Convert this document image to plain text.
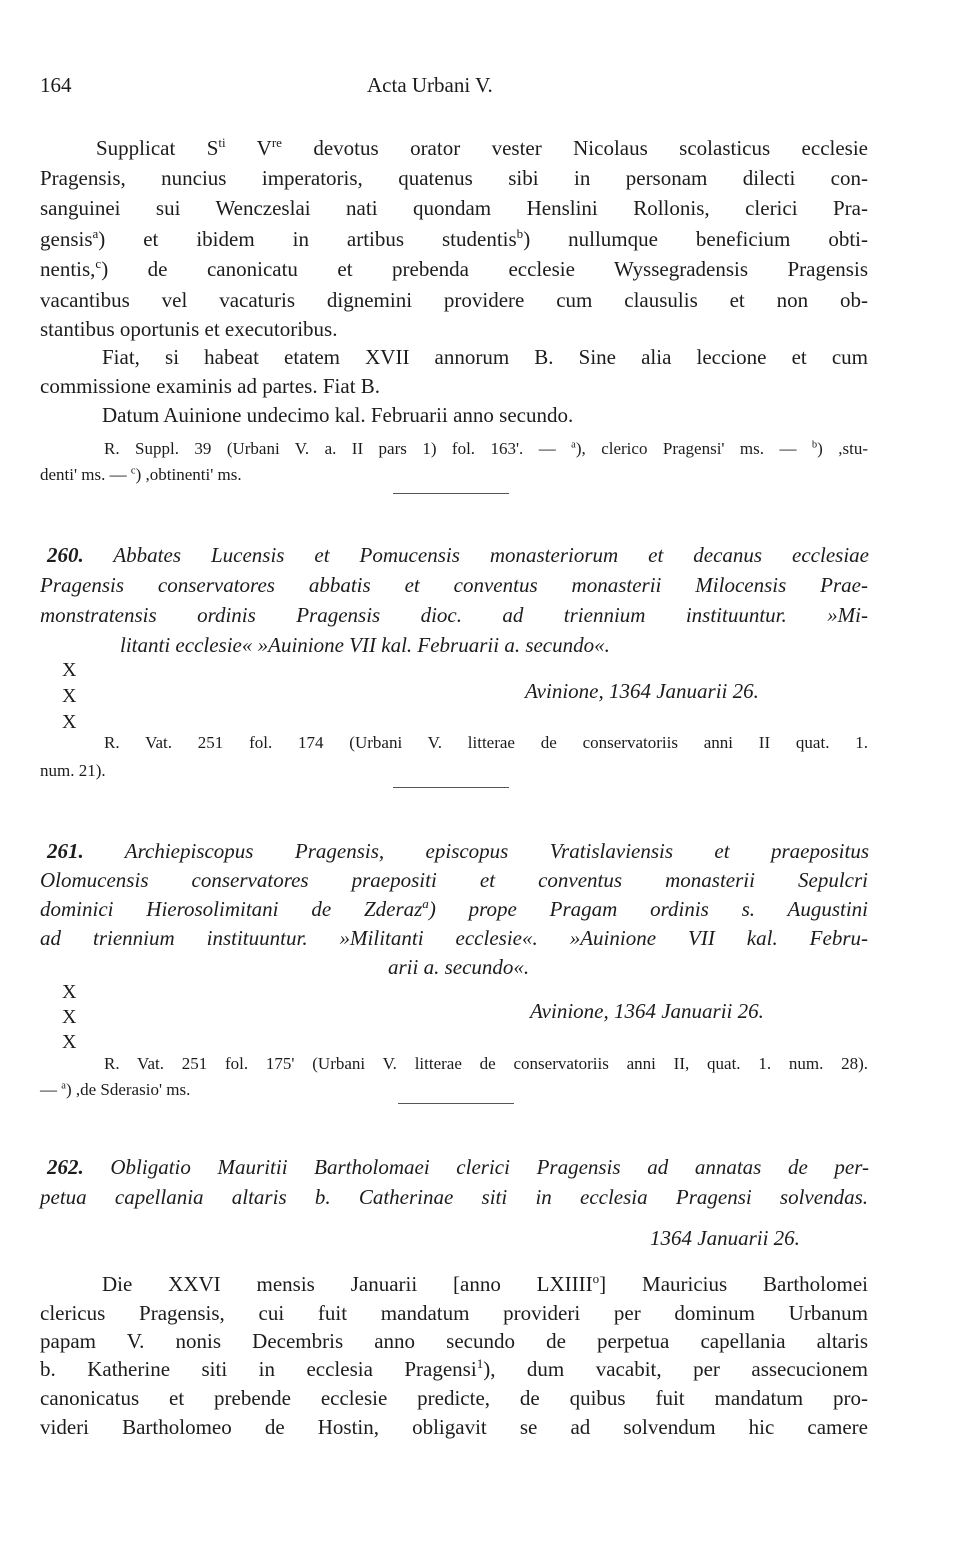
164	Acta Urbani V.
Supplicat $S^{ti}$ Vre devotus orator vester Nicolaus scolasticus ecclesie
Pragensis, nuncius imperatoris, quatenus sibi in personam dilecti con-
sanguinei sui Wenczeslai nati quondam Henslini Rollonis, clerici Pra-
gensis$^a$) et ibidem in artibus studentis$^b$) nullumque beneficium obti-
nentis,$^c$) de canonicatu et prebenda ecclesie Wyssegradensis Pragensis
vacantibus vel vacaturis dignemini providere cum clausulis et non ob-
stantibus oportunis et executoribus.
Fiat, si habeat etatem XVII annorum B. Sine alia leccione et cum
commissione examinis ad partes. Fiat B.
Datum Auinione undecimo kal. Februarii anno secundo.
R. Suppl. 39 (Urbani V. a. II pars 1) fol. 163'. — $^a$), clerico Pragensi' ms. — $^b$) ,stu-
denti' ms. — $^c$) ,obtinenti' ms.
260. Abbates Lucensis et Pomucensis monasteriorum et decanus ecclesiae
Pragensis conservatores abbatis et conventus monasterii Milocensis Prae-
monstratensis ordinis Pragensis dioc. ad triennium instituuntur. »Mi-
litanti ecclesie« »Auinione VII kal. Februarii a. secundo«.
X
X
X
Avinione, 1364 Januarii 26.
R. Vat. 251 fol. 174 (Urbani V. litterae de conservatoriis anni II quat. 1.
num. 21).
261. Archiepiscopus Pragensis, episcopus Vratislaviensis et praepositus
Olomucensis conservatores praepositi et conventus monasterii Sepulcri
dominici Hierosolimitani de Zderaz$^a$) prope Pragam ordinis s. Augustini
ad triennium instituuntur. »Militanti ecclesie«. »Auinione VII kal. Febru-
arii a. secundo«.
X
X
X
Avinione, 1364 Januarii 26.
R. Vat. 251 fol. 175' (Urbani V. litterae de conservatoriis anni II, quat. 1. num. 28).
— $^a$) ,de Sderasio' ms.
262. Obligatio Mauritii Bartholomaei clerici Pragensis ad annatas de per-
petua capellania altaris b. Catherinae siti in ecclesia Pragensi solvendas.
1364 Januarii 26.
Die XXVI mensis Januarii [anno LXIIII$^o$] Mauricius Bartholomei
clericus Pragensis, cui fuit mandatum provideri per dominum Urbanum
papam V. nonis Decembris anno secundo de perpetua capellania altaris
b. Katherine siti in ecclesia Pragensi$^1$), dum vacabit, per assecucionem
canonicatus et prebende ecclesie predicte, de quibus fuit mandatum pro-
videri Bartholomeo de Hostin, obligavit se ad solvendum hic camere
